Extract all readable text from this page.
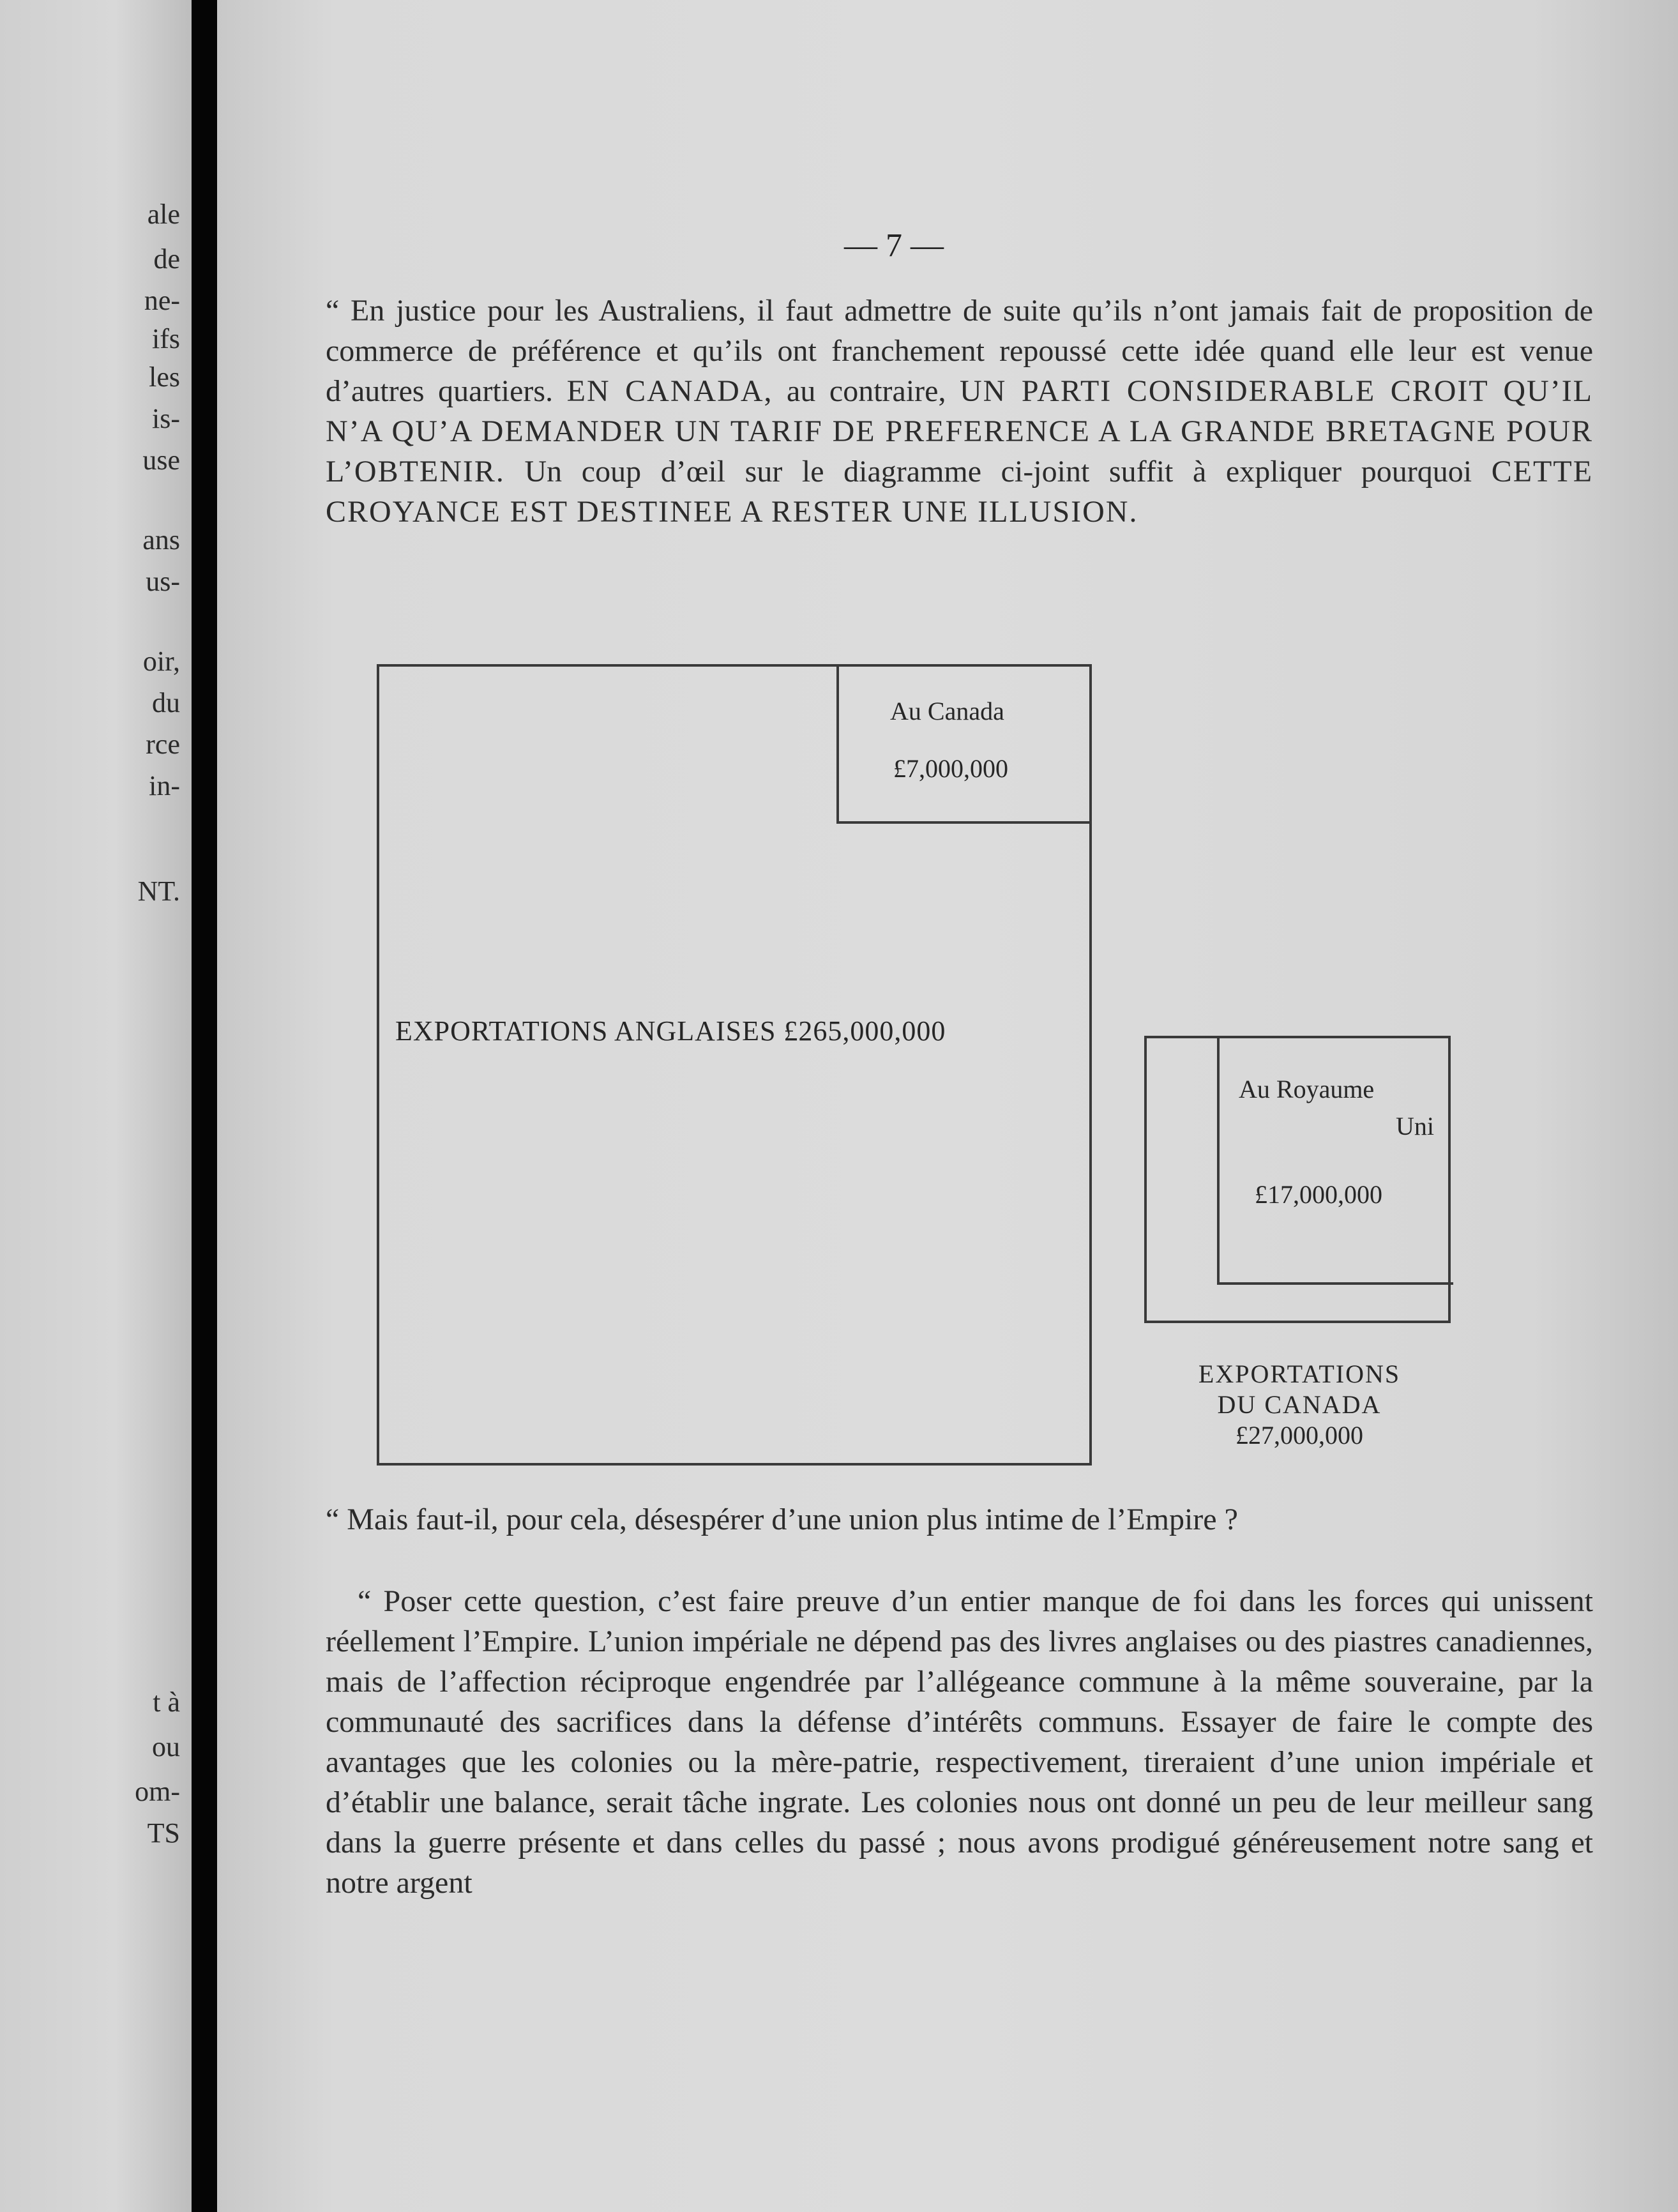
ale
de
ne-
ifs
les
is-
use
ans
us-
oir,
du
rce
in-
NT.
t à
ou
om-
TS
— 7 —
“ En justice pour les Australiens, il faut admettre de suite qu’ils n’ont jamais fait de proposition de commerce de préférence et qu’ils ont franchement repoussé cette idée quand elle leur est venue d’autres quartiers. EN CANADA, au contraire, UN PARTI CONSIDERABLE CROIT QU’IL N’A QU’A DEMANDER UN TARIF DE PREFERENCE A LA GRANDE BRETAGNE POUR L’OBTENIR. Un coup d’œil sur le diagramme ci-joint suffit à expliquer pourquoi CETTE CROYANCE EST DESTINEE A RESTER UNE ILLUSION.
Au Canada
£7,000,000
EXPORTATIONS ANGLAISES £265,000,000
Au Royaume
Uni
£17,000,000
EXPORTATIONS
DU CANADA
£27,000,000
“ Mais faut-il, pour cela, désespérer d’une union plus intime de l’Empire ?
“ Poser cette question, c’est faire preuve d’un entier manque de foi dans les forces qui unissent réellement l’Empire. L’union impériale ne dépend pas des livres anglaises ou des piastres canadiennes, mais de l’affection réciproque engendrée par l’allégeance commune à la même souveraine, par la communauté des sacrifices dans la défense d’intérêts communs. Essayer de faire le compte des avantages que les colonies ou la mère-patrie, respectivement, tireraient d’une union impériale et d’établir une balance, serait tâche ingrate. Les colonies nous ont donné un peu de leur meilleur sang dans la guerre présente et dans celles du passé ; nous avons prodigué généreusement notre sang et notre argent
